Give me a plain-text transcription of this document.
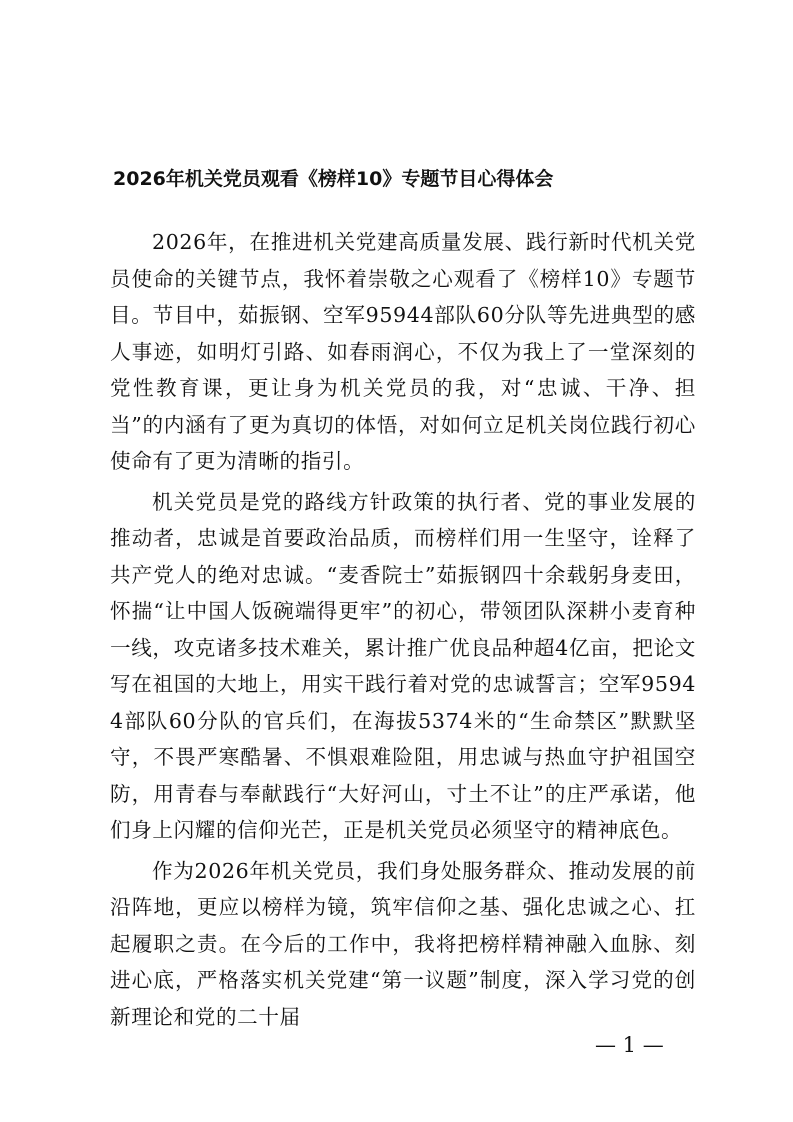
2026年机关党员观看《榜样10》专题节目心得体会

2026年，在推进机关党建高质量发展、践行新时代机关党员使命的关键节点，我怀着崇敬之心观看了《榜样10》专题节目。节目中，茹振钢、空军95944部队60分队等先进典型的感人事迹，如明灯引路、如春雨润心，不仅为我上了一堂深刻的党性教育课，更让身为机关党员的我，对“忠诚、干净、担当”的内涵有了更为真切的体悟，对如何立足机关岗位践行初心使命有了更为清晰的指引。

机关党员是党的路线方针政策的执行者、党的事业发展的推动者，忠诚是首要政治品质，而榜样们用一生坚守，诠释了共产党人的绝对忠诚。“麦香院士”茹振钢四十余载躬身麦田，怀揣“让中国人饭碗端得更牢”的初心，带领团队深耕小麦育种一线，攻克诸多技术难关，累计推广优良品种超4亿亩，把论文写在祖国的大地上，用实干践行着对党的忠诚誓言；空军95944部队60分队的官兵们，在海拔5374米的“生命禁区”默默坚守，不畏严寒酷暑、不惧艰难险阻，用忠诚与热血守护祖国空防，用青春与奉献践行“大好河山，寸土不让”的庄严承诺，他们身上闪耀的信仰光芒，正是机关党员必须坚守的精神底色。

作为2026年机关党员，我们身处服务群众、推动发展的前沿阵地，更应以榜样为镜，筑牢信仰之基、强化忠诚之心、扛起履职之责。在今后的工作中，我将把榜样精神融入血脉、刻进心底，严格落实机关党建“第一议题”制度，深入学习党的创新理论和党的二十届

— 1 —
